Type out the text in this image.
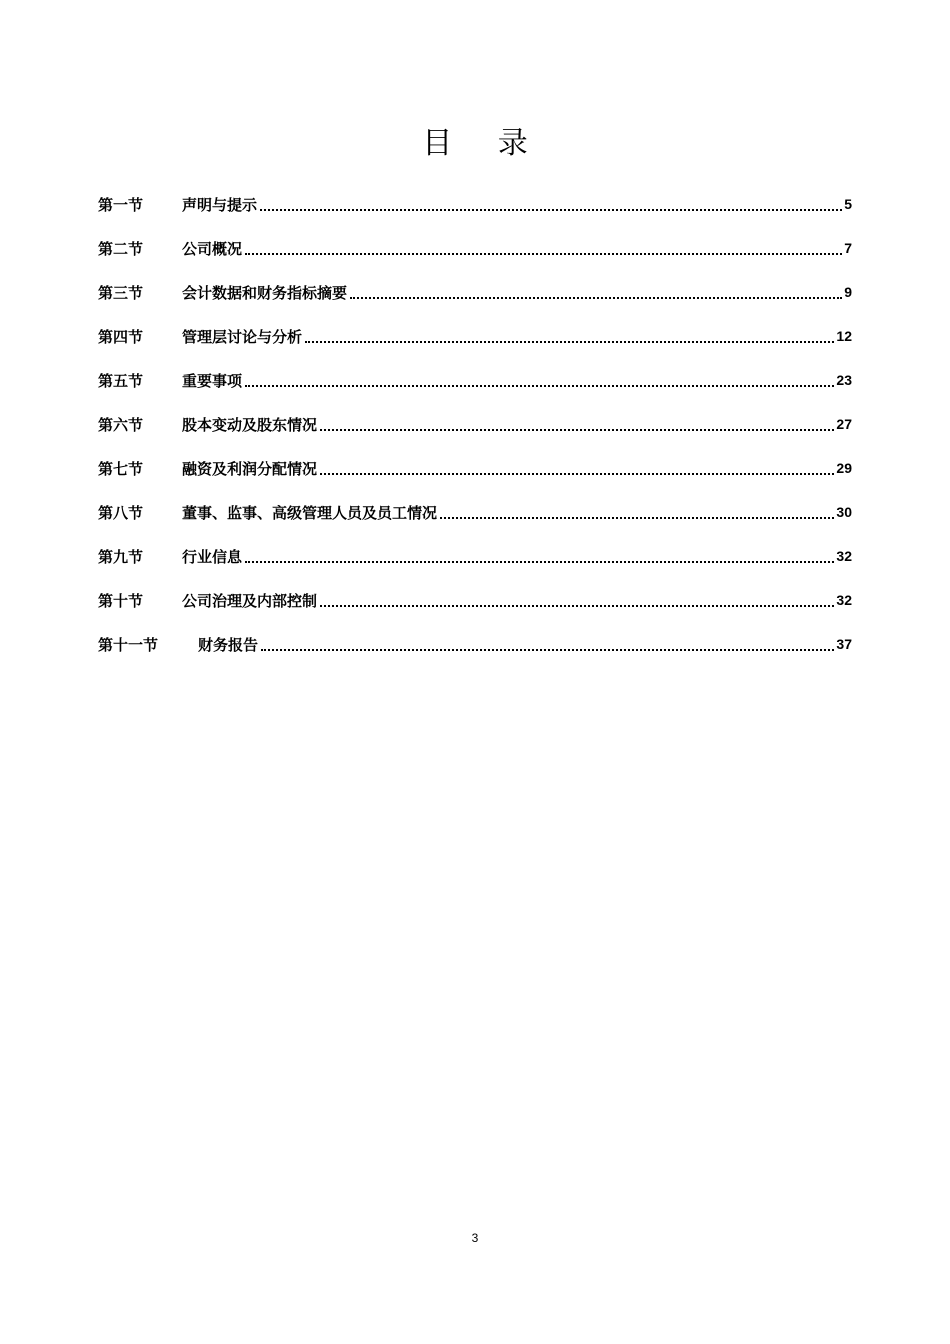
目 录
第一节	声明与提示	5
第二节	公司概况	7
第三节	会计数据和财务指标摘要	9
第四节	管理层讨论与分析	12
第五节	重要事项	23
第六节	股本变动及股东情况	27
第七节	融资及利润分配情况	29
第八节	董事、监事、高级管理人员及员工情况	30
第九节	行业信息	32
第十节	公司治理及内部控制	32
第十一节	财务报告	37
3
